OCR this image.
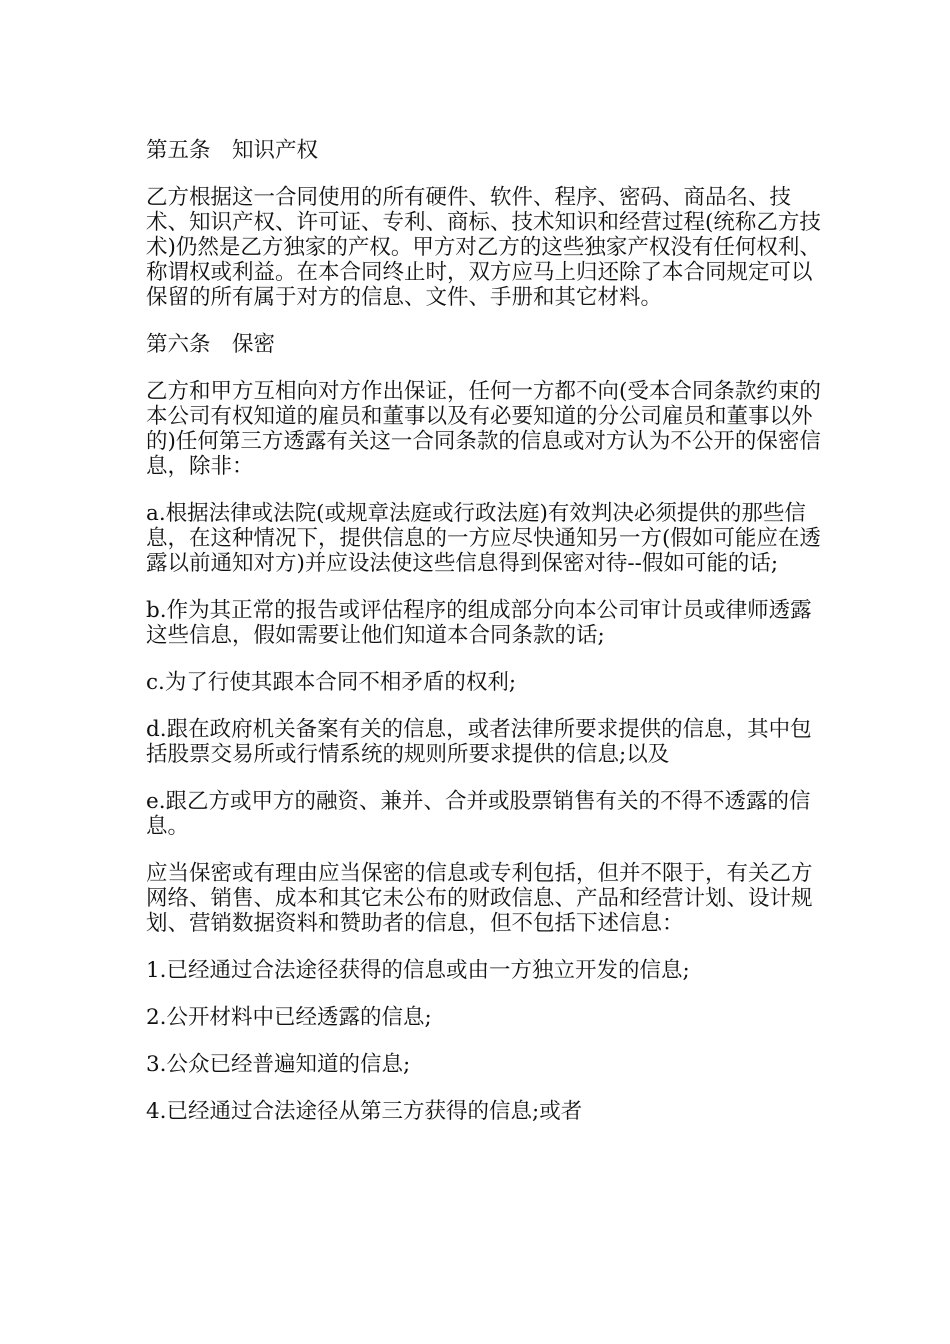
第五条　知识产权

乙方根据这一合同使用的所有硬件、软件、程序、密码、商品名、技术、知识产权、许可证、专利、商标、技术知识和经营过程(统称乙方技术)仍然是乙方独家的产权。甲方对乙方的这些独家产权没有任何权利、称谓权或利益。在本合同终止时，双方应马上归还除了本合同规定可以保留的所有属于对方的信息、文件、手册和其它材料。

第六条　保密

乙方和甲方互相向对方作出保证，任何一方都不向(受本合同条款约束的本公司有权知道的雇员和董事以及有必要知道的分公司雇员和董事以外的)任何第三方透露有关这一合同条款的信息或对方认为不公开的保密信息，除非：

a.根据法律或法院(或规章法庭或行政法庭)有效判决必须提供的那些信息，在这种情况下，提供信息的一方应尽快通知另一方(假如可能应在透露以前通知对方)并应设法使这些信息得到保密对待--假如可能的话;

b.作为其正常的报告或评估程序的组成部分向本公司审计员或律师透露这些信息，假如需要让他们知道本合同条款的话;

c.为了行使其跟本合同不相矛盾的权利;

d.跟在政府机关备案有关的信息，或者法律所要求提供的信息，其中包括股票交易所或行情系统的规则所要求提供的信息;以及

e.跟乙方或甲方的融资、兼并、合并或股票销售有关的不得不透露的信息。

应当保密或有理由应当保密的信息或专利包括，但并不限于，有关乙方网络、销售、成本和其它未公布的财政信息、产品和经营计划、设计规划、营销数据资料和赞助者的信息，但不包括下述信息：

1.已经通过合法途径获得的信息或由一方独立开发的信息;

2.公开材料中已经透露的信息;

3.公众已经普遍知道的信息;

4.已经通过合法途径从第三方获得的信息;或者
